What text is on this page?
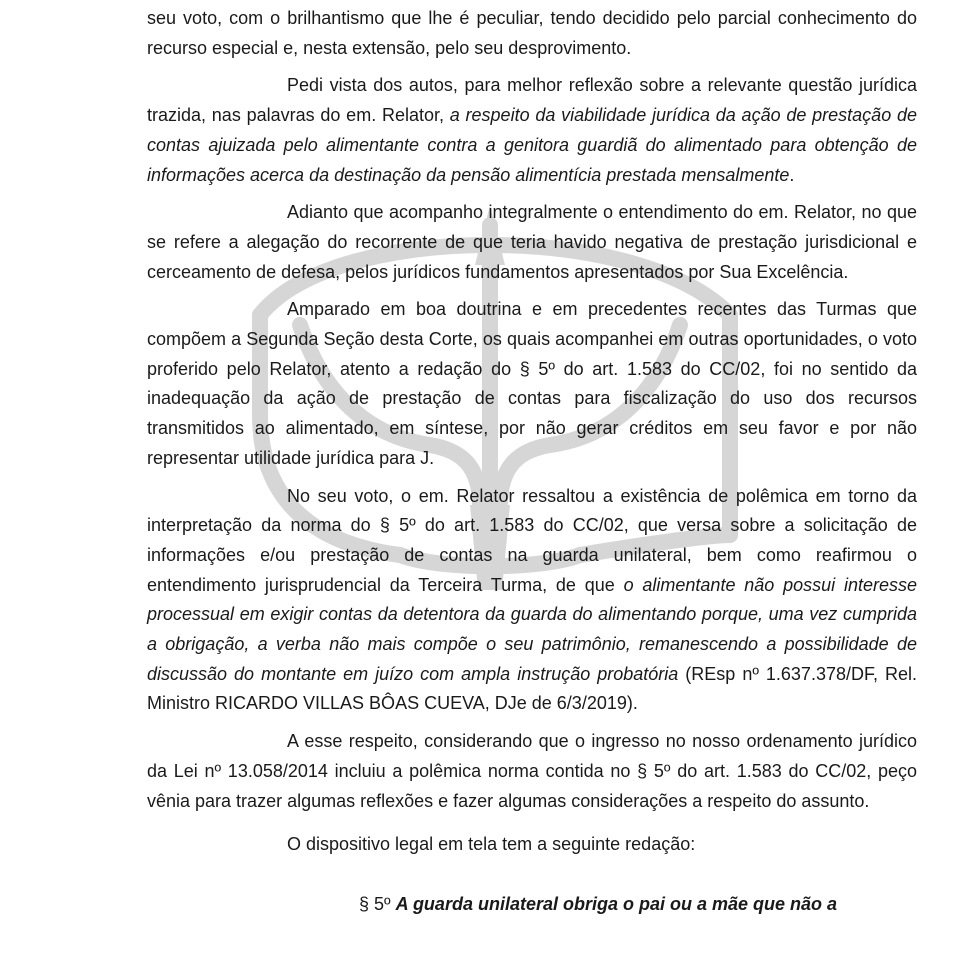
seu voto, com o brilhantismo que lhe é peculiar, tendo decidido pelo parcial conhecimento do recurso especial e, nesta extensão, pelo seu desprovimento.

Pedi vista dos autos, para melhor reflexão sobre a relevante questão jurídica trazida, nas palavras do em. Relator, a respeito da viabilidade jurídica da ação de prestação de contas ajuizada pelo alimentante contra a genitora guardiã do alimentado para obtenção de informações acerca da destinação da pensão alimentícia prestada mensalmente.

Adianto que acompanho integralmente o entendimento do em. Relator, no que se refere a alegação do recorrente de que teria havido negativa de prestação jurisdicional e cerceamento de defesa, pelos jurídicos fundamentos apresentados por Sua Excelência.

Amparado em boa doutrina e em precedentes recentes das Turmas que compõem a Segunda Seção desta Corte, os quais acompanhei em outras oportunidades, o voto proferido pelo Relator, atento a redação do § 5º do art. 1.583 do CC/02, foi no sentido da inadequação da ação de prestação de contas para fiscalização do uso dos recursos transmitidos ao alimentado, em síntese, por não gerar créditos em seu favor e por não representar utilidade jurídica para J.

No seu voto, o em. Relator ressaltou a existência de polêmica em torno da interpretação da norma do § 5º do art. 1.583 do CC/02, que versa sobre a solicitação de informações e/ou prestação de contas na guarda unilateral, bem como reafirmou o entendimento jurisprudencial da Terceira Turma, de que o alimentante não possui interesse processual em exigir contas da detentora da guarda do alimentando porque, uma vez cumprida a obrigação, a verba não mais compõe o seu patrimônio, remanescendo a possibilidade de discussão do montante em juízo com ampla instrução probatória (REsp nº 1.637.378/DF, Rel. Ministro RICARDO VILLAS BÔAS CUEVA, DJe de 6/3/2019).

A esse respeito, considerando que o ingresso no nosso ordenamento jurídico da Lei nº 13.058/2014 incluiu a polêmica norma contida no § 5º do art. 1.583 do CC/02, peço vênia para trazer algumas reflexões e fazer algumas considerações a respeito do assunto.

O dispositivo legal em tela tem a seguinte redação:

§ 5º A guarda unilateral obriga o pai ou a mãe que não a
